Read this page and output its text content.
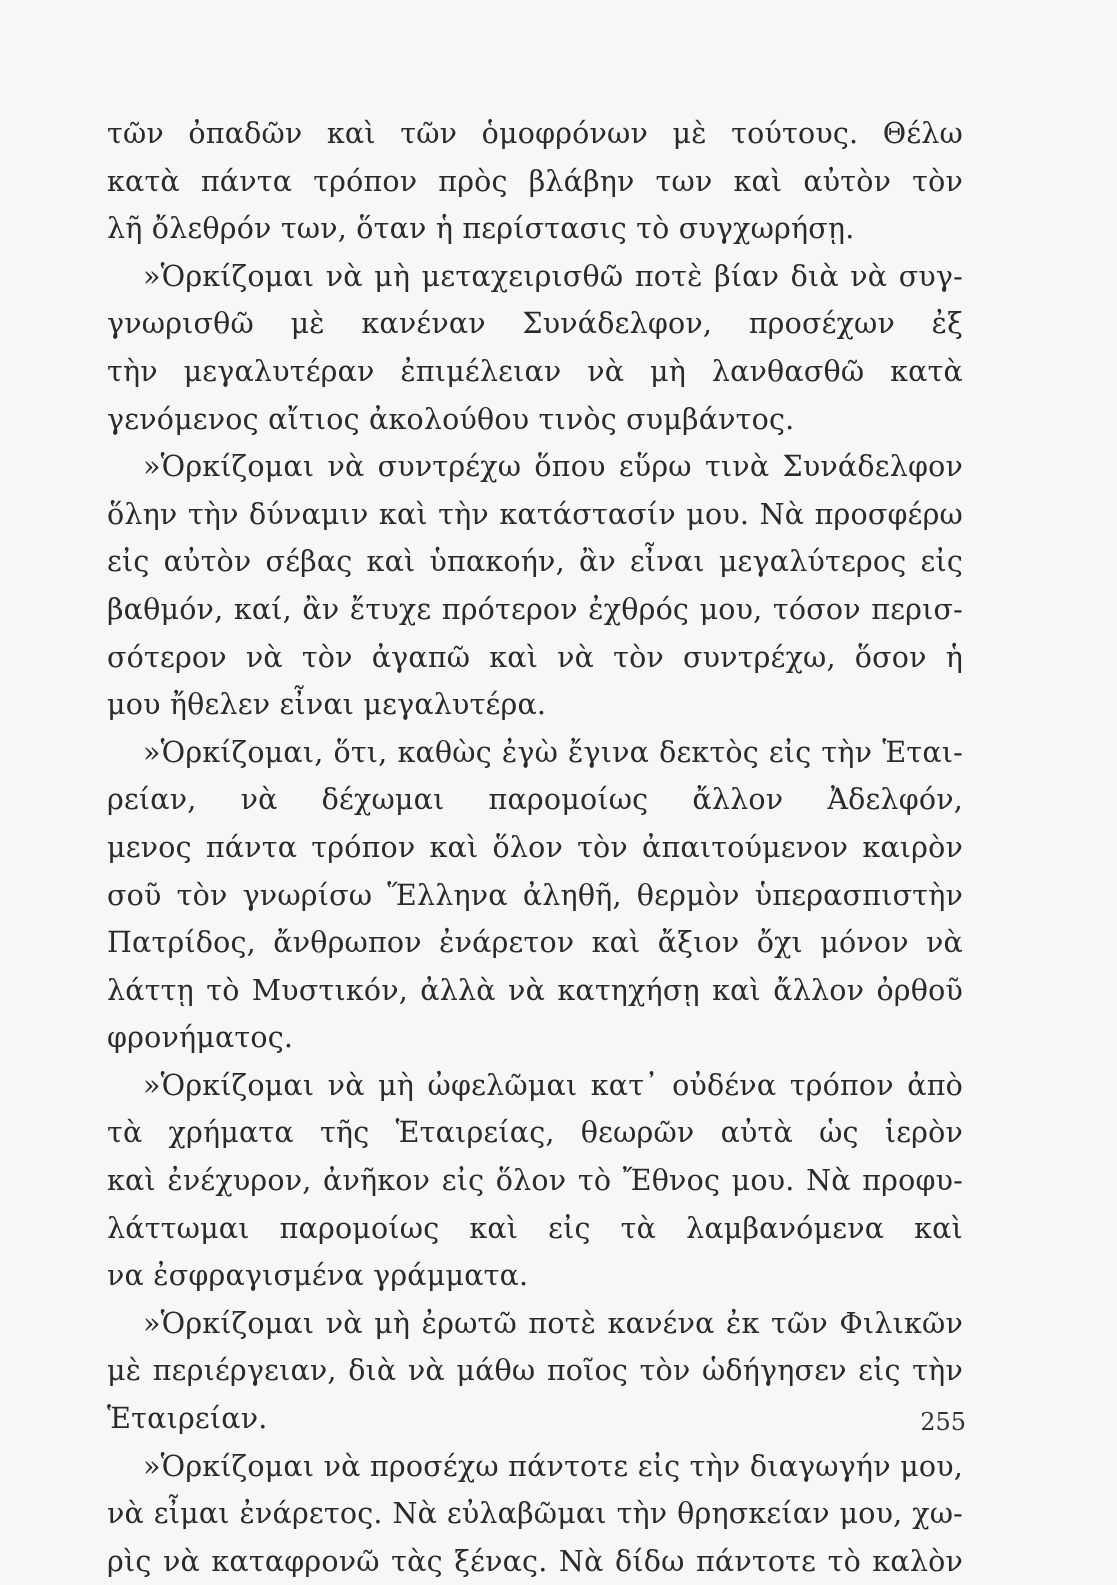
τῶν ὀπαδῶν καὶ τῶν ὁμοφρόνων μὲ τούτους. Θέλω
κατὰ πάντα τρόπον πρὸς βλάβην των καὶ αὐτὸν τὸν
λῆ ὄλεθρόν των, ὅταν ἡ περίστασις τὸ συγχωρήσῃ.
»Ὁρκίζομαι νὰ μὴ μεταχειρισθῶ ποτὲ βίαν διὰ νὰ συγ-
γνωρισθῶ μὲ κανέναν Συνάδελφον, προσέχων ἐξ
τὴν μεγαλυτέραν ἐπιμέλειαν νὰ μὴ λανθασθῶ κατὰ
γενόμενος αἴτιος ἀκολούθου τινὸς συμβάντος.
»Ὁρκίζομαι νὰ συντρέχω ὅπου εὕρω τινὰ Συνάδελφον
ὅλην τὴν δύναμιν καὶ τὴν κατάστασίν μου. Νὰ προσφέρω
εἰς αὐτὸν σέβας καὶ ὑπακοήν, ἂν εἶναι μεγαλύτερος εἰς
βαθμόν, καί, ἂν ἔτυχε πρότερον ἐχθρός μου, τόσον περισ-
σότερον νὰ τὸν ἀγαπῶ καὶ νὰ τὸν συντρέχω, ὅσον ἡ
μου ἤθελεν εἶναι μεγαλυτέρα.
»Ὁρκίζομαι, ὅτι, καθὼς ἐγὼ ἔγινα δεκτὸς εἰς τὴν Ἑται-
ρείαν, νὰ δέχωμαι παρομοίως ἄλλον Ἀδελφόν,
μενος πάντα τρόπον καὶ ὅλον τὸν ἀπαιτούμενον καιρὸν
σοῦ τὸν γνωρίσω Ἕλληνα ἀληθῆ, θερμὸν ὑπερασπιστὴν
Πατρίδος, ἄνθρωπον ἐνάρετον καὶ ἄξιον ὄχι μόνον νὰ
λάττῃ τὸ Μυστικόν, ἀλλὰ νὰ κατηχήσῃ καὶ ἄλλον ὀρθοῦ
φρονήματος.
»Ὁρκίζομαι νὰ μὴ ὠφελῶμαι κατ᾽ οὐδένα τρόπον ἀπὸ
τὰ χρήματα τῆς Ἑταιρείας, θεωρῶν αὐτὰ ὡς ἱερὸν
καὶ ἐνέχυρον, ἀνῆκον εἰς ὅλον τὸ Ἔθνος μου. Νὰ προφυ-
λάττωμαι παρομοίως καὶ εἰς τὰ λαμβανόμενα καὶ
να ἐσφραγισμένα γράμματα.
»Ὁρκίζομαι νὰ μὴ ἐρωτῶ ποτὲ κανένα ἐκ τῶν Φιλικῶν
μὲ περιέργειαν, διὰ νὰ μάθω ποῖος τὸν ὡδήγησεν εἰς τὴν
Ἑταιρείαν.
»Ὁρκίζομαι νὰ προσέχω πάντοτε εἰς τὴν διαγωγήν μου,
νὰ εἶμαι ἐνάρετος. Νὰ εὐλαβῶμαι τὴν θρησκείαν μου, χω-
ρὶς νὰ καταφρονῶ τὰς ξένας. Νὰ δίδω πάντοτε τὸ καλὸν
255
